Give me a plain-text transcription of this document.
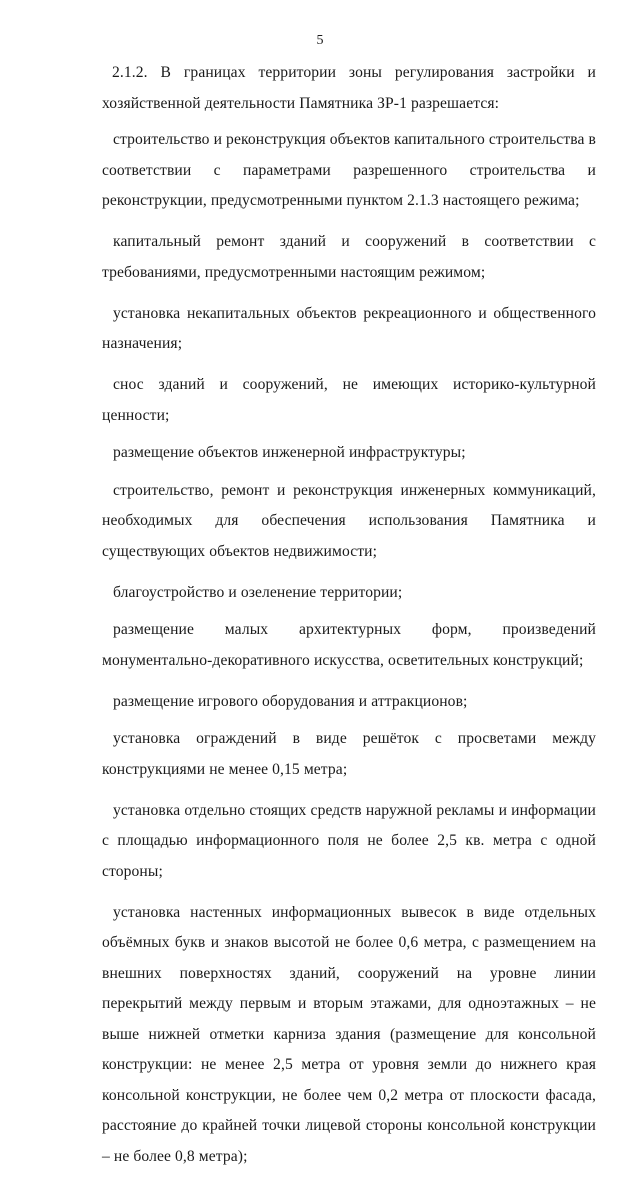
5

2.1.2. В границах территории зоны регулирования застройки и хозяйственной деятельности Памятника ЗР-1 разрешается:

строительство и реконструкция объектов капитального строительства в соответствии с параметрами разрешенного строительства и реконструкции, предусмотренными пунктом 2.1.3 настоящего режима;

капитальный ремонт зданий и сооружений в соответствии с требованиями, предусмотренными настоящим режимом;

установка некапитальных объектов рекреационного и общественного назначения;

снос зданий и сооружений, не имеющих историко-культурной ценности;

размещение объектов инженерной инфраструктуры;

строительство, ремонт и реконструкция инженерных коммуникаций, необходимых для обеспечения использования Памятника и существующих объектов недвижимости;

благоустройство и озеленение территории;

размещение малых архитектурных форм, произведений монументально-декоративного искусства, осветительных конструкций;

размещение игрового оборудования и аттракционов;

установка ограждений в виде решёток с просветами между конструкциями не менее 0,15 метра;

установка отдельно стоящих средств наружной рекламы и информации с площадью информационного поля не более 2,5 кв. метра с одной стороны;

установка настенных информационных вывесок в виде отдельных объёмных букв и знаков высотой не более 0,6 метра, с размещением на внешних поверхностях зданий, сооружений на уровне линии перекрытий между первым и вторым этажами, для одноэтажных – не выше нижней отметки карниза здания (размещение для консольной конструкции: не менее 2,5 метра от уровня земли до нижнего края консольной конструкции, не более чем 0,2 метра от плоскости фасада, расстояние до крайней точки лицевой стороны консольной конструкции – не более 0,8 метра);
